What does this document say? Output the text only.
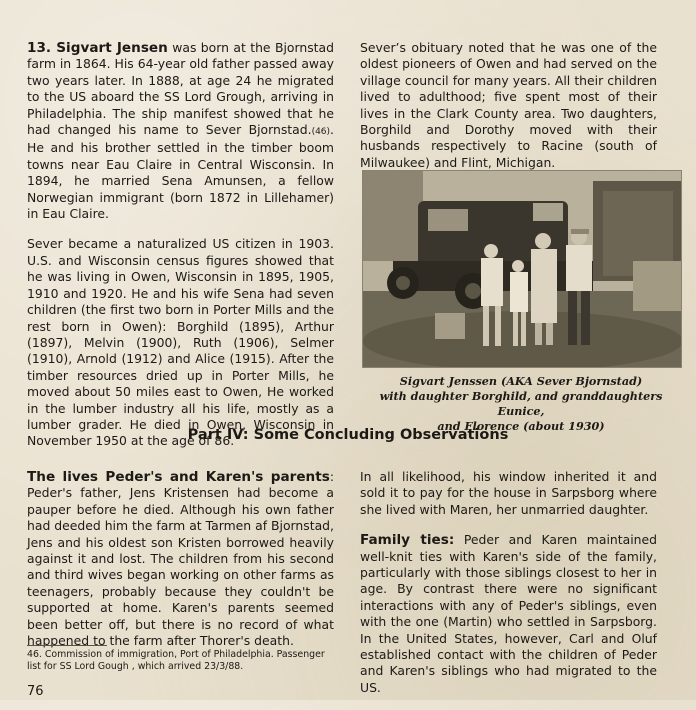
13. Sigvart Jensen was born at the Bjornstad farm in 1864. His 64-year old father passed away two years later. In 1888, at age 24 he migrated to the US aboard the SS Lord Grough, arriving in Philadelphia. The ship manifest showed that he had changed his name to Sever Bjornstad.(46). He and his brother settled in the timber boom towns near Eau Claire in Central Wisconsin. In 1894, he married Sena Amunsen, a fellow Norwegian immigrant (born 1872 in Lillehamer) in Eau Claire.

Sever became a naturalized US citizen in 1903. U.S. and Wisconsin census figures showed that he was living in Owen, Wisconsin in 1895, 1905, 1910 and 1920. He and his wife Sena had seven children (the first two born in Porter Mills and the rest born in Owen): Borghild (1895), Arthur (1897), Melvin (1900), Ruth (1906), Selmer (1910), Arnold (1912) and Alice (1915). After the timber resources dried up in Porter Mills, he moved about 50 miles east to Owen, He worked in the lumber industry all his life, mostly as a lumber grader. He died in Owen, Wisconsin in November 1950 at the age of 86.

Sever’s obituary noted that he was one of the oldest pioneers of Owen and had served on the village council for many years. All their children lived to adulthood; five spent most of their lives in the Clark County area. Two daughters, Borghild and Dorothy moved with their husbands respectively to Racine (south of Milwaukee) and Flint, Michigan.

Sigvart Jenssen (AKA Sever Bjornstad)
with daughter Borghild, and granddaughters Eunice,
and Florence (about 1930)
Part IV: Some Concluding Observations

The lives Peder's and Karen's parents: Peder's father, Jens Kristensen had become a pauper before he died. Although his own father had deeded him the farm at Tarmen af Bjornstad, Jens and his oldest son Kristen borrowed heavily against it and lost. The children from his second and third wives began working on other farms as teenagers, probably because they couldn't be supported at home. Karen's parents seemed been better off, but there is no record of what happened to the farm after Thorer's death.

In all likelihood, his window inherited it and sold it to pay for the house in Sarpsborg where she lived with Maren, her unmarried daughter.

Family ties: Peder and Karen maintained well-knit ties with Karen's side of the family, particularly with those siblings closest to her in age. By contrast there were no significant interactions with any of Peder's siblings, even with the one (Martin) who settled in Sarpsborg. In the United States, however, Carl and Oluf established contact with the children of Peder and Karen's siblings who had migrated to the US.

46. Commission of immigration, Port of Philadelphia. Passenger list for SS Lord Gough , which arrived 23/3/88.
76
